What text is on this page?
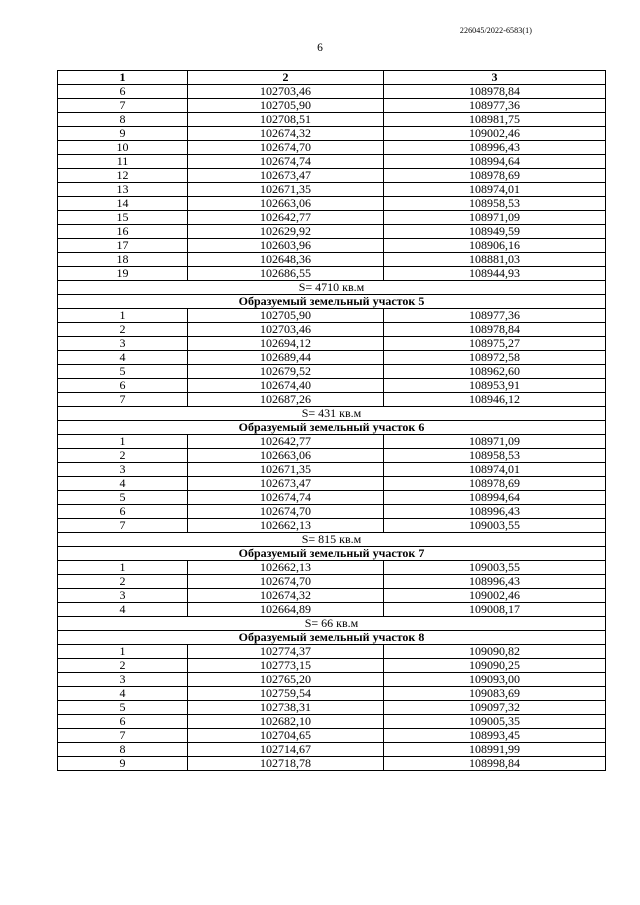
226045/2022-6583(1)
6
1	2	3
6	102703,46	108978,84
7	102705,90	108977,36
8	102708,51	108981,75
9	102674,32	109002,46
10	102674,70	108996,43
11	102674,74	108994,64
12	102673,47	108978,69
13	102671,35	108974,01
14	102663,06	108958,53
15	102642,77	108971,09
16	102629,92	108949,59
17	102603,96	108906,16
18	102648,36	108881,03
19	102686,55	108944,93
S= 4710 кв.м		
Образуемый земельный участок 5		
1	102705,90	108977,36
2	102703,46	108978,84
3	102694,12	108975,27
4	102689,44	108972,58
5	102679,52	108962,60
6	102674,40	108953,91
7	102687,26	108946,12
S= 431 кв.м		
Образуемый земельный участок 6		
1	102642,77	108971,09
2	102663,06	108958,53
3	102671,35	108974,01
4	102673,47	108978,69
5	102674,74	108994,64
6	102674,70	108996,43
7	102662,13	109003,55
S= 815 кв.м		
Образуемый земельный участок 7		
1	102662,13	109003,55
2	102674,70	108996,43
3	102674,32	109002,46
4	102664,89	109008,17
S= 66 кв.м		
Образуемый земельный участок 8		
1	102774,37	109090,82
2	102773,15	109090,25
3	102765,20	109093,00
4	102759,54	109083,69
5	102738,31	109097,32
6	102682,10	109005,35
7	102704,65	108993,45
8	102714,67	108991,99
9	102718,78	108998,84
